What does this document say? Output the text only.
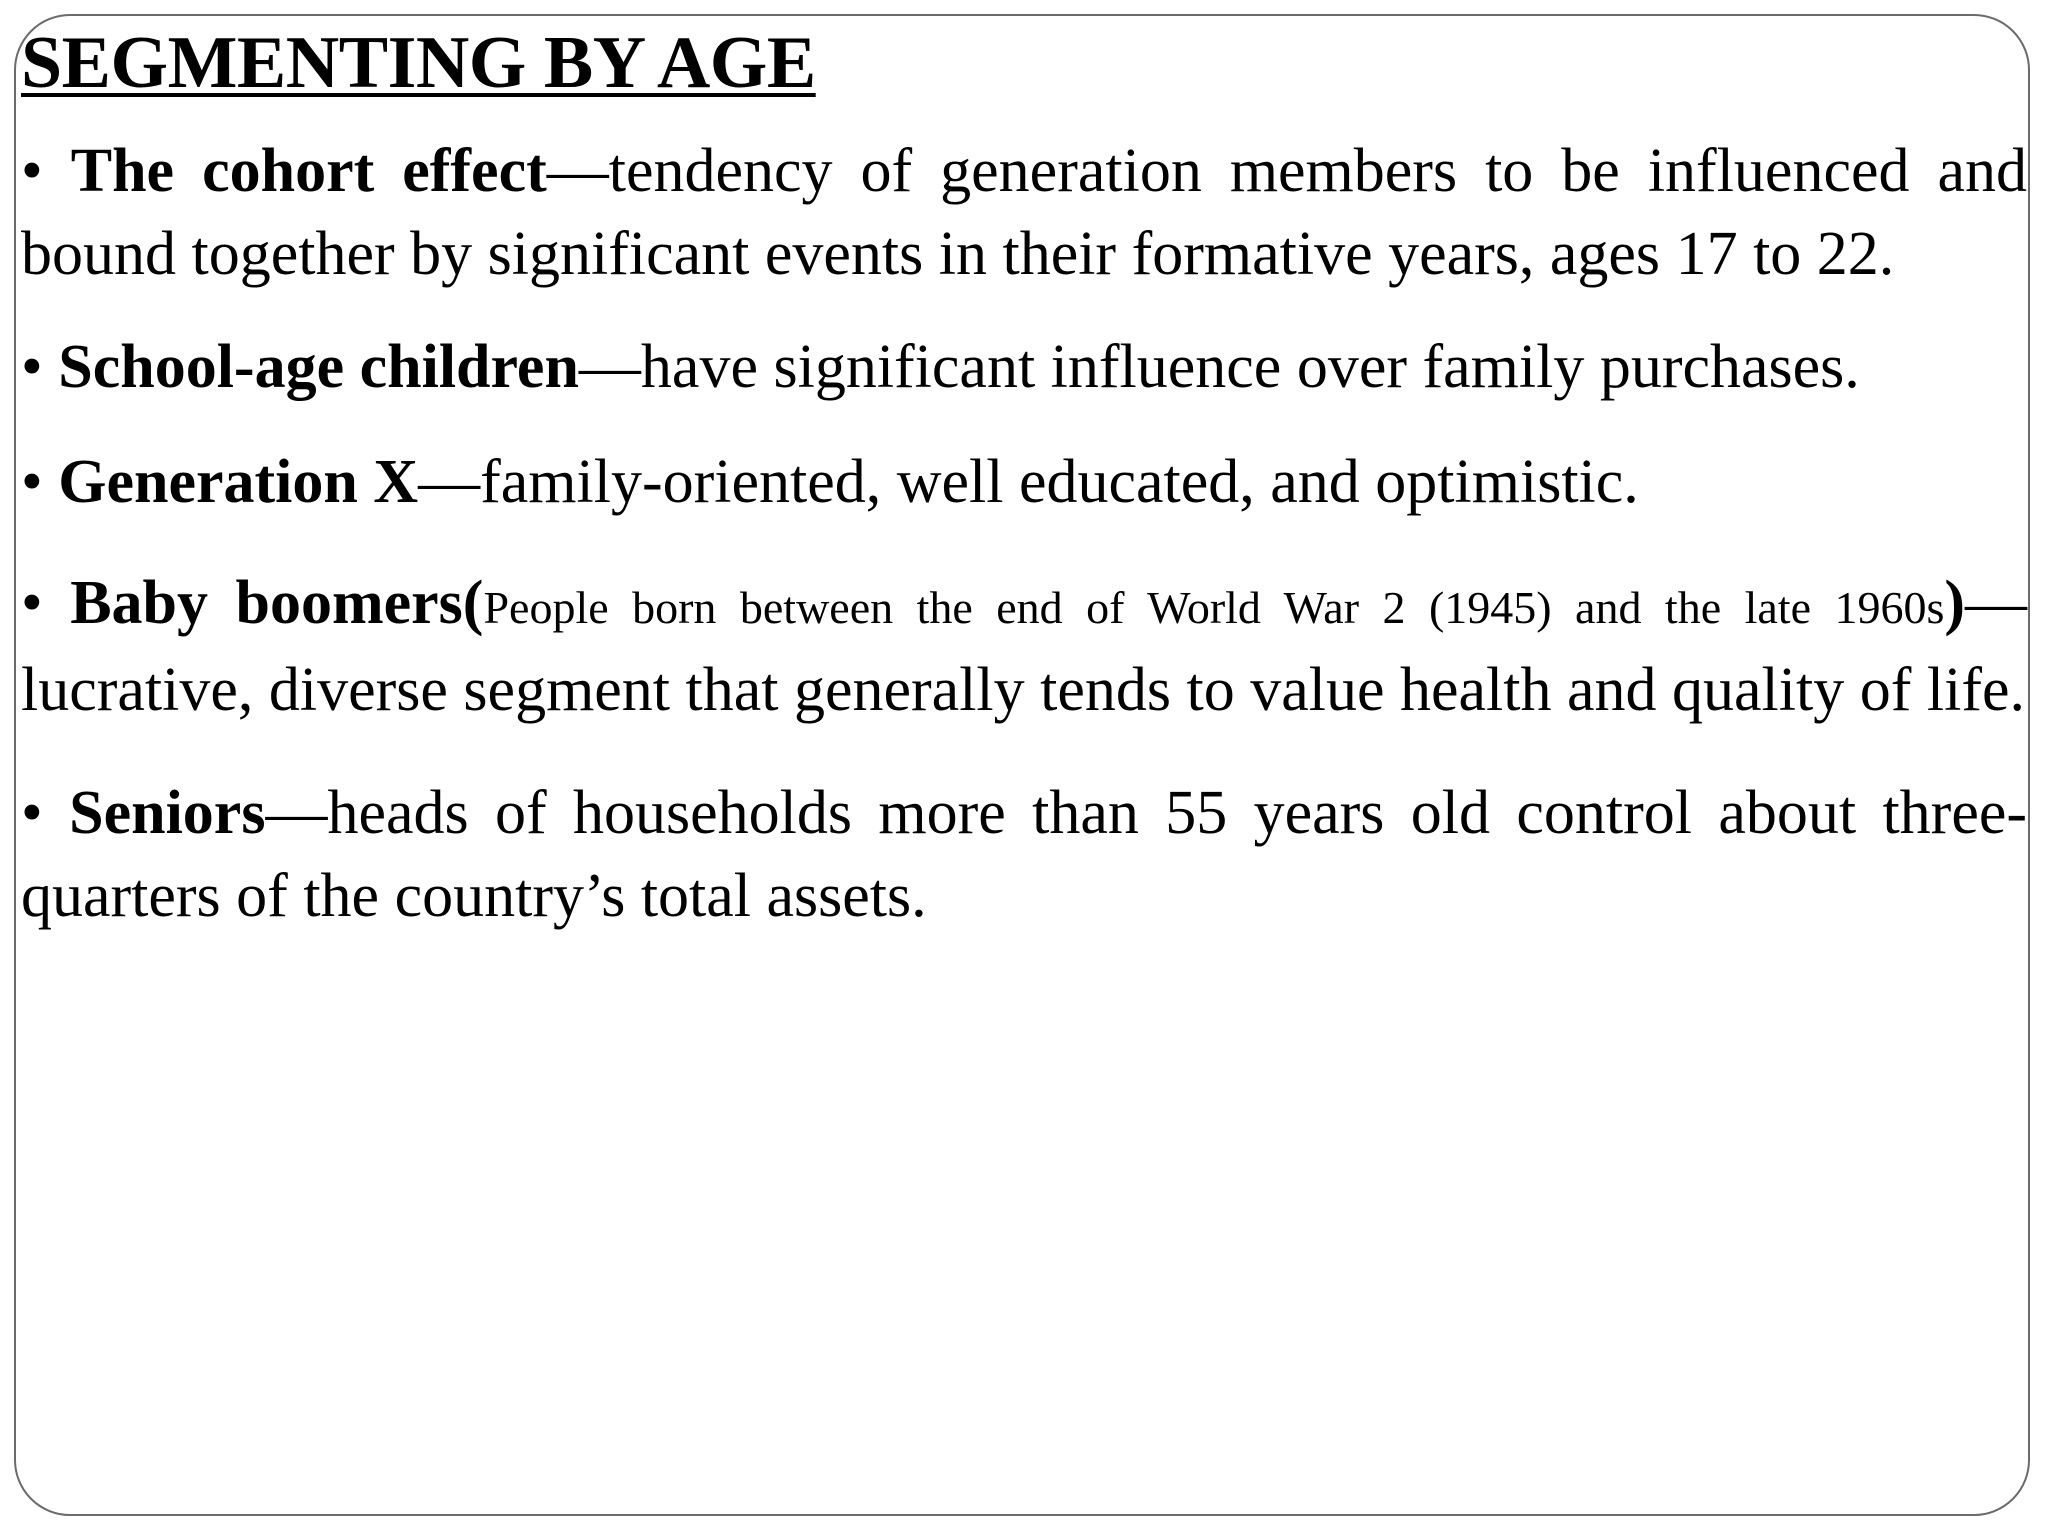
SEGMENTING BY AGE

• The cohort effect—tendency of generation members to be influenced and bound together by significant events in their formative years, ages 17 to 22.

• School-age children—have significant influence over family purchases.

• Generation X—family-oriented, well educated, and optimistic.

• Baby boomers(People born between the end of World War 2 (1945) and the late 1960s)— lucrative, diverse segment that generally tends to value health and quality of life.

• Seniors—heads of households more than 55 years old control about three-quarters of the country’s total assets.
